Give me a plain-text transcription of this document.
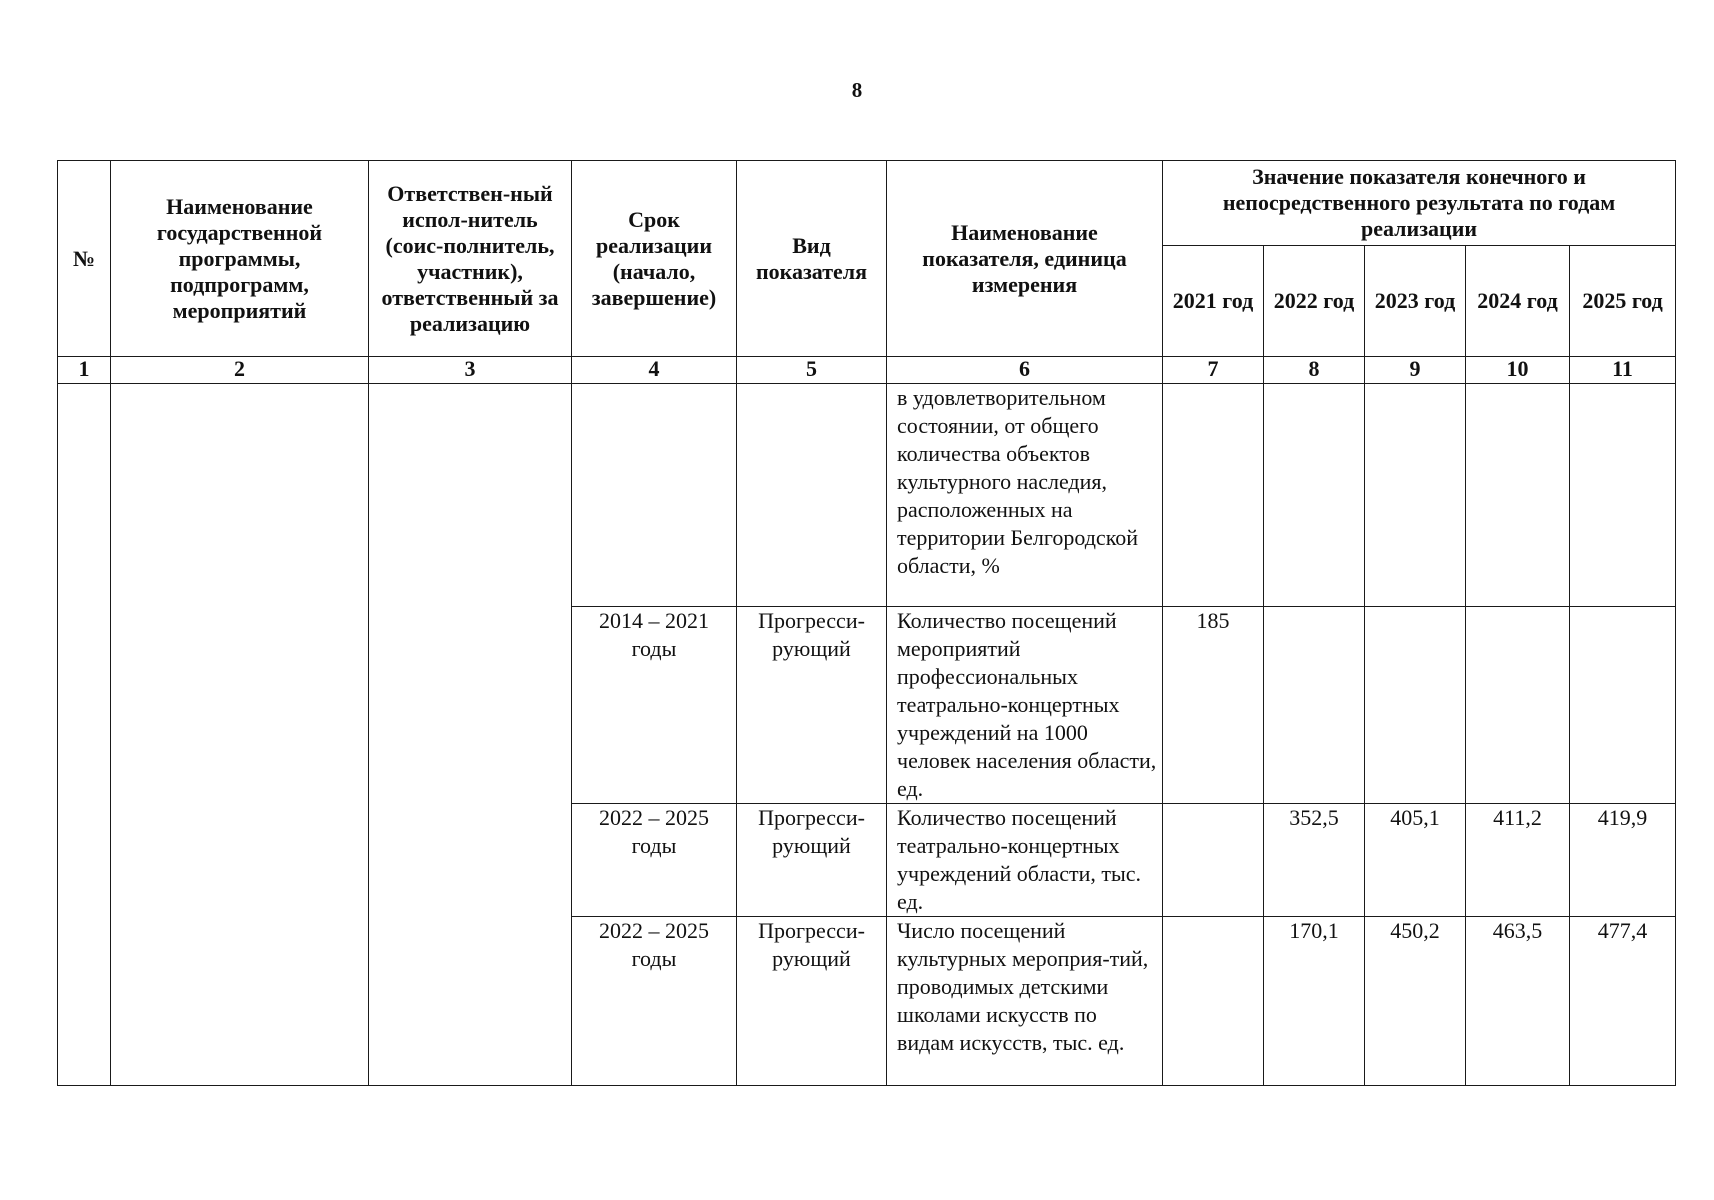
8
№	Наименование государственной программы, подпрограмм, мероприятий	Ответствен-ный испол-нитель (соис-полнитель, участник), ответственный за реализацию	Срок реализации (начало, завершение)	Вид показателя	Наименование показателя, единица измерения	Значение показателя конечного и непосредственного результата по годам реализации				
						2021 год	2022 год	2023 год	2024 год	2025 год
1	2	3	4	5	6	7	8	9	10	11
					в удовлетворительном состоянии, от общего количества объектов культурного наследия, расположенных на территории Белгородской области, %					
			2014 – 2021 годы	Прогресси-рующий	Количество посещений мероприятий профессиональных театрально-концертных учреждений на 1000 человек населения области, ед.	185				
			2022 – 2025 годы	Прогресси-рующий	Количество посещений театрально-концертных учреждений области, тыс. ед.		352,5	405,1	411,2	419,9
			2022 – 2025 годы	Прогресси-рующий	Число посещений культурных мероприя-тий, проводимых детскими школами искусств по видам искусств, тыс. ед.		170,1	450,2	463,5	477,4
